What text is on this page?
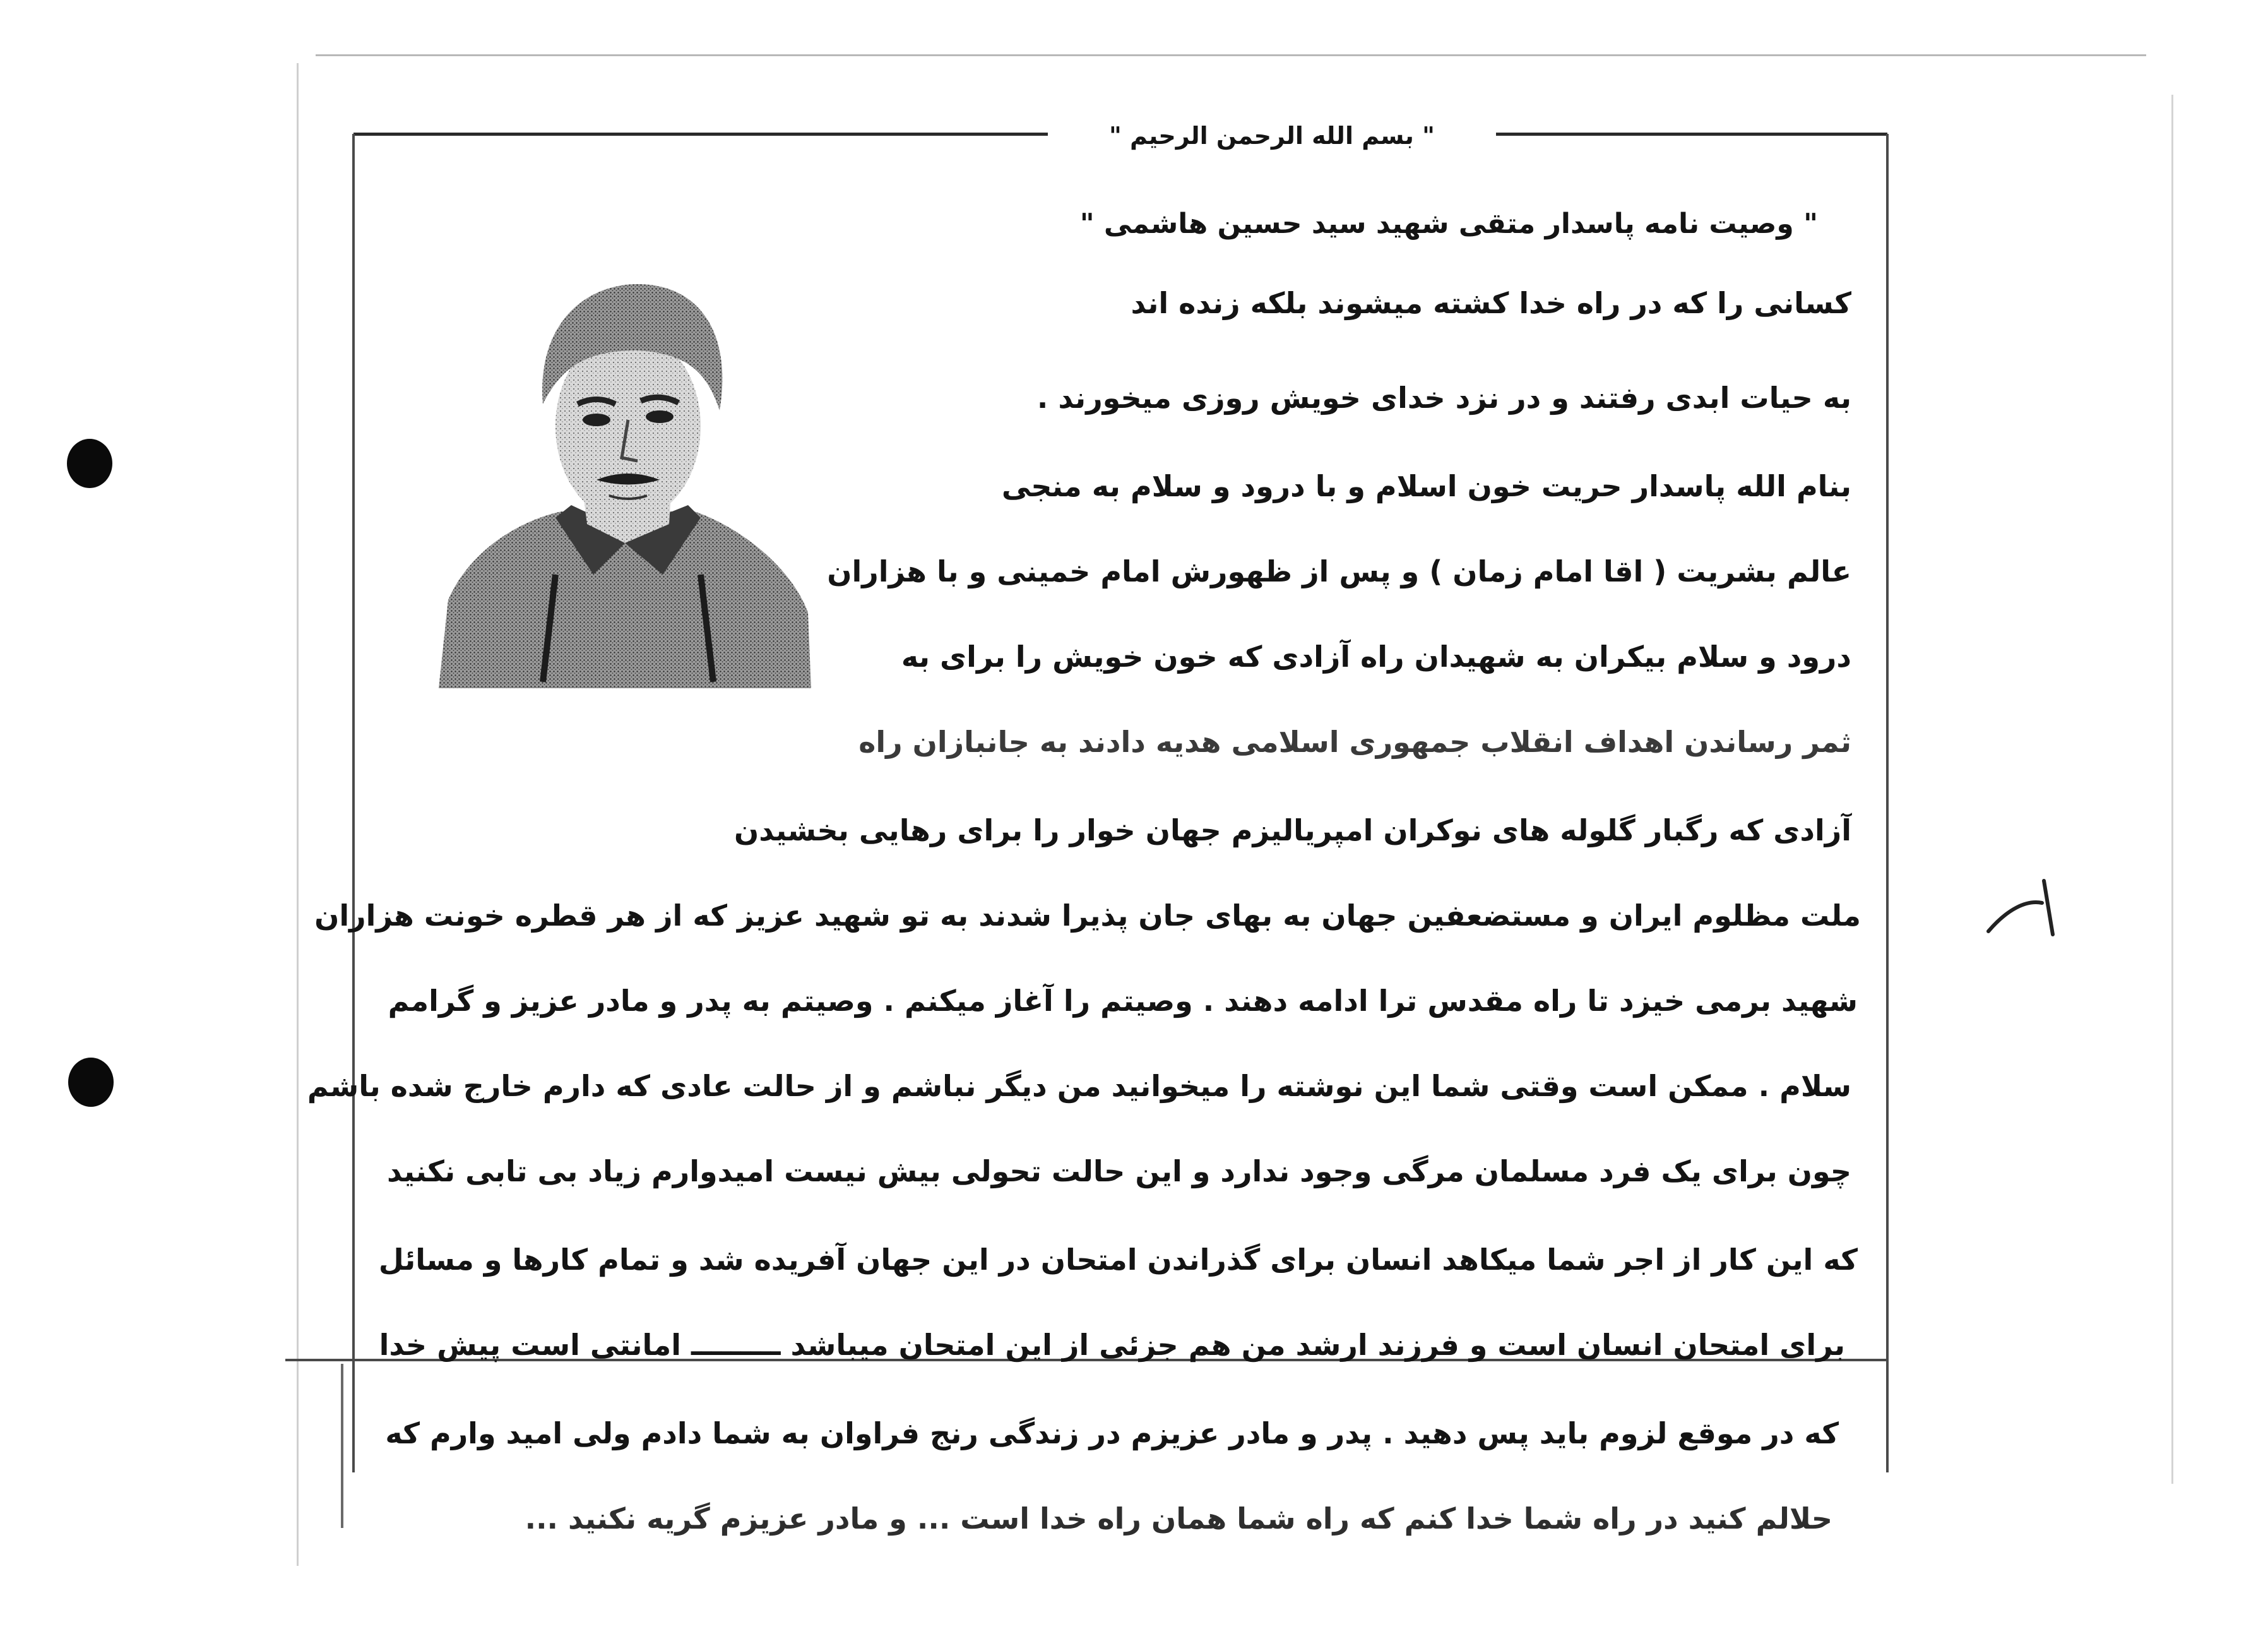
" بسم الله الرحمن الرحیم "
" وصیت نامه پاسدار متقی شهید سید حسین هاشمی "
کسانی را که در راه خدا کشته میشوند بلکه زنده اند
به حیات ابدی رفتند و در نزد خدای خویش روزی میخورند .
بنام الله پاسدار حریت خون اسلام و با درود و سلام به منجی
عالم بشریت ( اقا امام زمان ) و پس از ظهورش امام خمینی و با هزاران
درود و سلام بیکران به شهیدان راه آزادی که خون خویش را برای به
ثمر رساندن اهداف انقلاب جمهوری اسلامی هدیه دادند به جانبازان راه
آزادی که رگبار گلوله های نوکران امپریالیزم جهان خوار را برای رهایی بخشیدن
ملت مظلوم ایران و مستضعفین جهان به بهای جان پذیرا شدند به تو شهید عزیز که از هر قطره خونت هزاران
شهید برمی خیزد تا راه مقدس ترا ادامه دهند . وصیتم را آغاز میکنم . وصیتم به پدر و مادر عزیز و گرامم
سلام . ممکن است وقتی شما این نوشته را میخوانید من دیگر نباشم و از حالت عادی که دارم خارج شده باشم
چون برای یک فرد مسلمان مرگی وجود ندارد و این حالت تحولی بیش نیست امیدوارم زیاد بی تابی نکنید
که این کار از اجر شما میکاهد انسان برای گذراندن امتحان در این جهان آفریده شد و تمام کارها و مسائل
برای امتحان انسان است و فرزند ارشد من هم جزئی از این امتحان میباشد ـــــــــ امانتی است پیش خدا
که در موقع لزوم باید پس دهید . پدر و مادر عزیزم در زندگی رنج فراوان به شما دادم ولی امید وارم که
حلالم کنید در راه شما خدا کنم که راه شما همان راه خدا است ... و مادر عزیزم گریه نکنید ...
